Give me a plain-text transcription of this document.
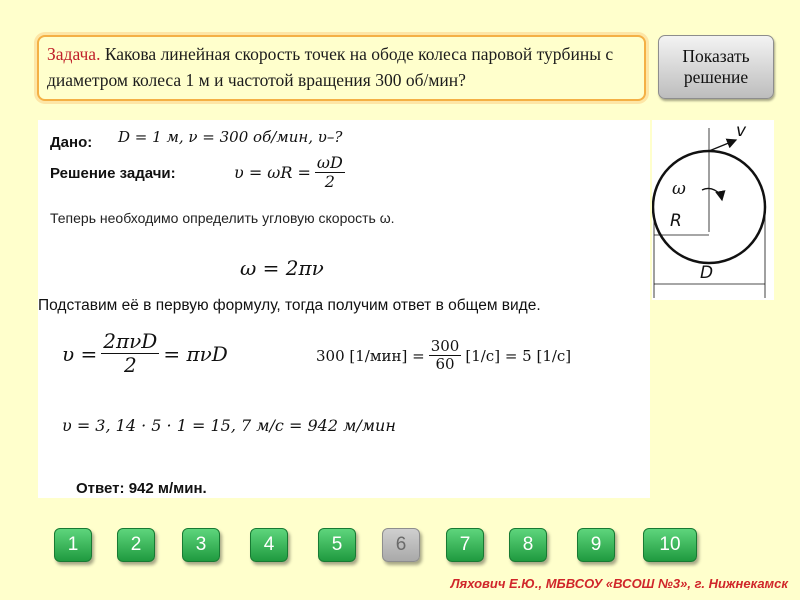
Задача. Какова линейная скорость точек на ободе колеса паровой турбины с диаметром колеса 1 м и частотой вращения 300 об/мин?
Показать
решение
Дано: D = 1 м, ν = 300 об/мин, υ–?
Решение задачи:	$\upsilon = \omega R = \frac{\omega D}{2}$
Теперь необходимо определить угловую скорость ω.
ω = 2πν
Подставим её в первую формулу, тогда получим ответ в общем виде.
$\upsilon = \frac{\text{2πνD}}{2} = \pi\nu D$	300 $[1/мин] = \frac{300}{60} [1/с] = 5$ [1/с]
υ = 3, 14 · 5 · 1 = 15, 7 м/с = 942 м/мин
Ответ: 942 м/мин.
v
ω
R
D
1	2	3	4	5	6	7	8	9	10
Ляхович Е.Ю., МБВСОУ «ВСОШ №3», г. Нижнекамск
